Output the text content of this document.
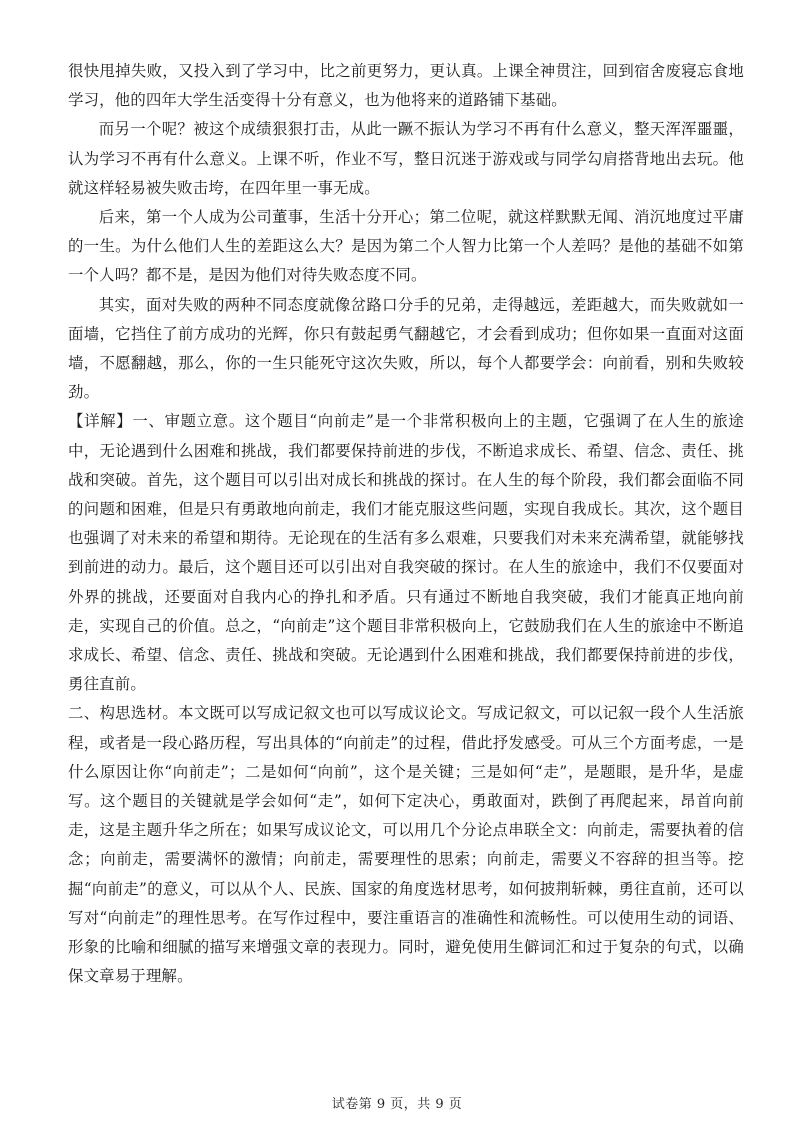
很快甩掉失败，又投入到了学习中，比之前更努力，更认真。上课全神贯注，回到宿舍废寝忘食地学习，他的四年大学生活变得十分有意义，也为他将来的道路铺下基础。

而另一个呢？被这个成绩狠狠打击，从此一蹶不振认为学习不再有什么意义，整天浑浑噩噩，认为学习不再有什么意义。上课不听，作业不写，整日沉迷于游戏或与同学勾肩搭背地出去玩。他就这样轻易被失败击垮，在四年里一事无成。

后来，第一个人成为公司董事，生活十分开心；第二位呢，就这样默默无闻、消沉地度过平庸的一生。为什么他们人生的差距这么大？是因为第二个人智力比第一个人差吗？是他的基础不如第一个人吗？都不是，是因为他们对待失败态度不同。

其实，面对失败的两种不同态度就像岔路口分手的兄弟，走得越远，差距越大，而失败就如一面墙，它挡住了前方成功的光辉，你只有鼓起勇气翻越它，才会看到成功；但你如果一直面对这面墙，不愿翻越，那么，你的一生只能死守这次失败，所以，每个人都要学会：向前看，别和失败较劲。

【详解】一、审题立意。这个题目“向前走”是一个非常积极向上的主题，它强调了在人生的旅途中，无论遇到什么困难和挑战，我们都要保持前进的步伐，不断追求成长、希望、信念、责任、挑战和突破。首先，这个题目可以引出对成长和挑战的探讨。在人生的每个阶段，我们都会面临不同的问题和困难，但是只有勇敢地向前走，我们才能克服这些问题，实现自我成长。其次，这个题目也强调了对未来的希望和期待。无论现在的生活有多么艰难，只要我们对未来充满希望，就能够找到前进的动力。最后，这个题目还可以引出对自我突破的探讨。在人生的旅途中，我们不仅要面对外界的挑战，还要面对自我内心的挣扎和矛盾。只有通过不断地自我突破，我们才能真正地向前走，实现自己的价值。总之，“向前走”这个题目非常积极向上，它鼓励我们在人生的旅途中不断追求成长、希望、信念、责任、挑战和突破。无论遇到什么困难和挑战，我们都要保持前进的步伐，勇往直前。

二、构思选材。本文既可以写成记叙文也可以写成议论文。写成记叙文，可以记叙一段个人生活旅程，或者是一段心路历程，写出具体的“向前走”的过程，借此抒发感受。可从三个方面考虑，一是什么原因让你“向前走”；二是如何“向前”，这个是关键；三是如何“走”，是题眼，是升华，是虚写。这个题目的关键就是学会如何“走”，如何下定决心，勇敢面对，跌倒了再爬起来，昂首向前走，这是主题升华之所在；如果写成议论文，可以用几个分论点串联全文：向前走，需要执着的信念；向前走，需要满怀的激情；向前走，需要理性的思索；向前走，需要义不容辞的担当等。挖掘“向前走”的意义，可以从个人、民族、国家的角度选材思考，如何披荆斩棘，勇往直前，还可以写对“向前走”的理性思考。在写作过程中，要注重语言的准确性和流畅性。可以使用生动的词语、形象的比喻和细腻的描写来增强文章的表现力。同时，避免使用生僻词汇和过于复杂的句式，以确保文章易于理解。

试卷第 9 页，共 9 页
